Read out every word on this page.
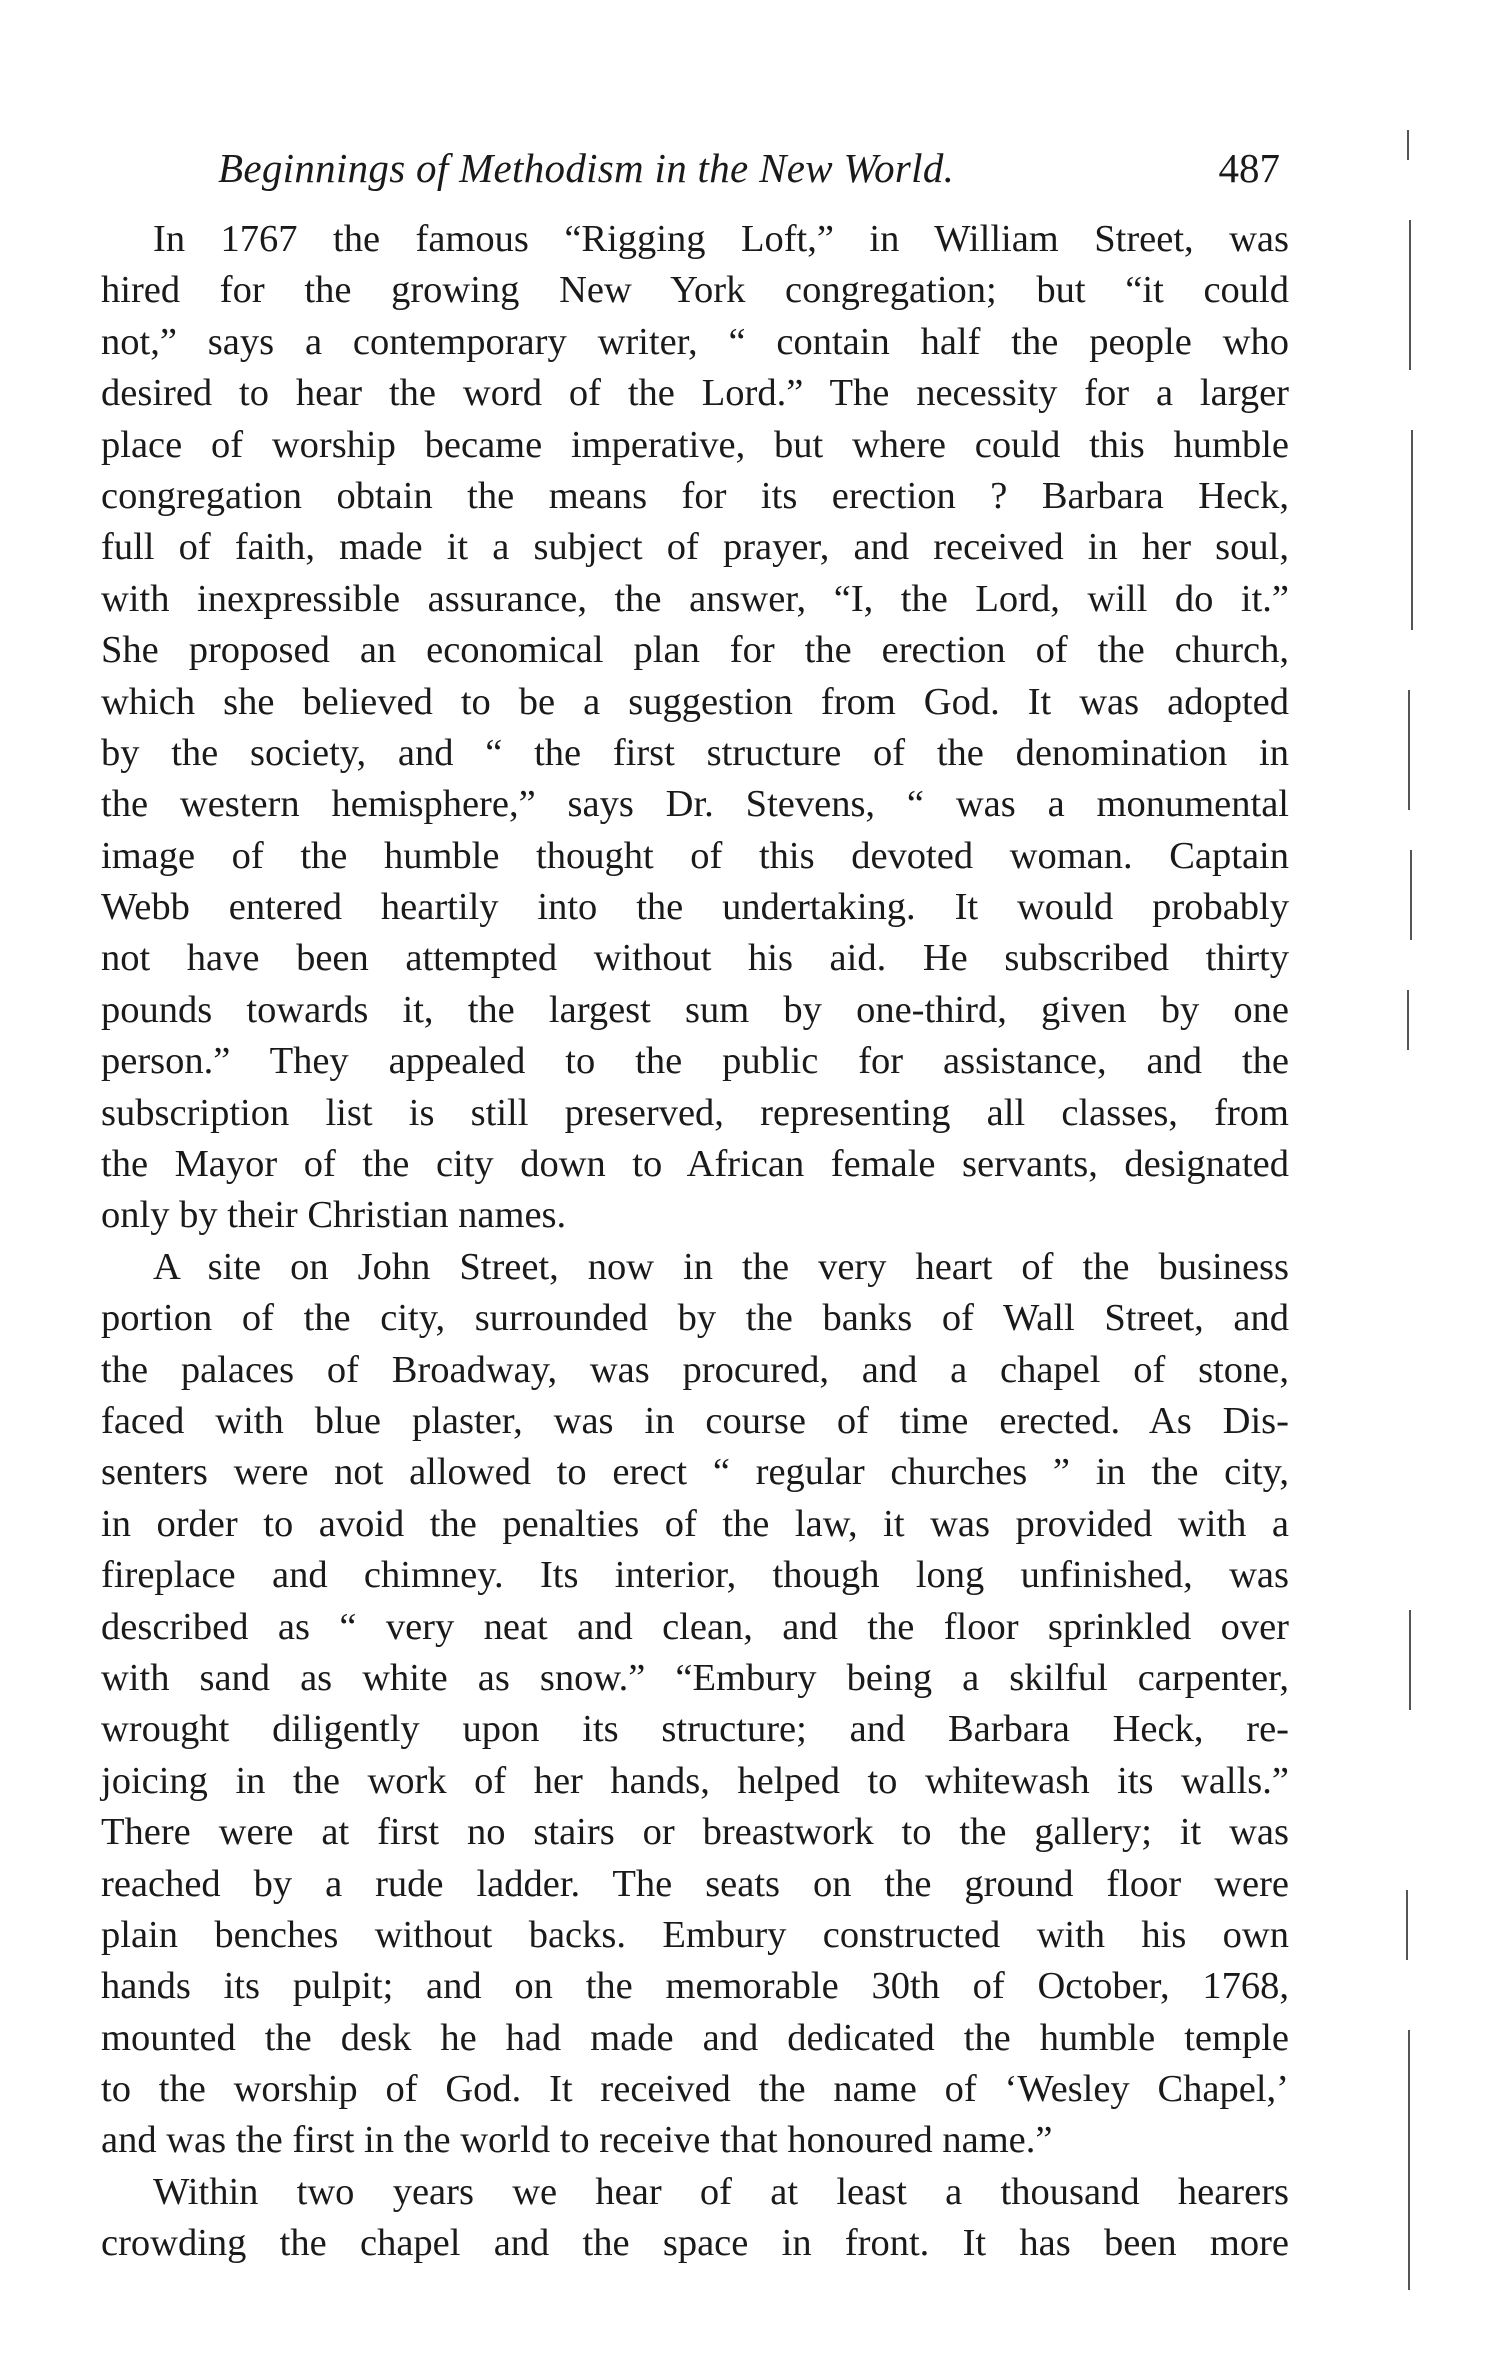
Beginnings of Methodism in the New World.	487
In 1767 the famous “Rigging Loft,” in William Street, was
hired for the growing New York congregation; but “it could
not,” says a contemporary writer, “ contain half the people who
desired to hear the word of the Lord.” The necessity for a larger
place of worship became imperative, but where could this humble
congregation obtain the means for its erection ? Barbara Heck,
full of faith, made it a subject of prayer, and received in her soul,
with inexpressible assurance, the answer, “I, the Lord, will do it.”
She proposed an economical plan for the erection of the church,
which she believed to be a suggestion from God. It was adopted
by the society, and “ the first structure of the denomination in
the western hemisphere,” says Dr. Stevens, “ was a monumental
image of the humble thought of this devoted woman. Captain
Webb entered heartily into the undertaking. It would probably
not have been attempted without his aid. He subscribed thirty
pounds towards it, the largest sum by one-third, given by one
person.” They appealed to the public for assistance, and the
subscription list is still preserved, representing all classes, from
the Mayor of the city down to African female servants, designated
only by their Christian names.
A site on John Street, now in the very heart of the business
portion of the city, surrounded by the banks of Wall Street, and
the palaces of Broadway, was procured, and a chapel of stone,
faced with blue plaster, was in course of time erected. As Dis-
senters were not allowed to erect “ regular churches ” in the city,
in order to avoid the penalties of the law, it was provided with a
fireplace and chimney. Its interior, though long unfinished, was
described as “ very neat and clean, and the floor sprinkled over
with sand as white as snow.” “Embury being a skilful carpenter,
wrought diligently upon its structure; and Barbara Heck, re-
joicing in the work of her hands, helped to whitewash its walls.”
There were at first no stairs or breastwork to the gallery; it was
reached by a rude ladder. The seats on the ground floor were
plain benches without backs. Embury constructed with his own
hands its pulpit; and on the memorable 30th of October, 1768,
mounted the desk he had made and dedicated the humble temple
to the worship of God. It received the name of ‘Wesley Chapel,’
and was the first in the world to receive that honoured name.”
Within two years we hear of at least a thousand hearers
crowding the chapel and the space in front. It has been more
